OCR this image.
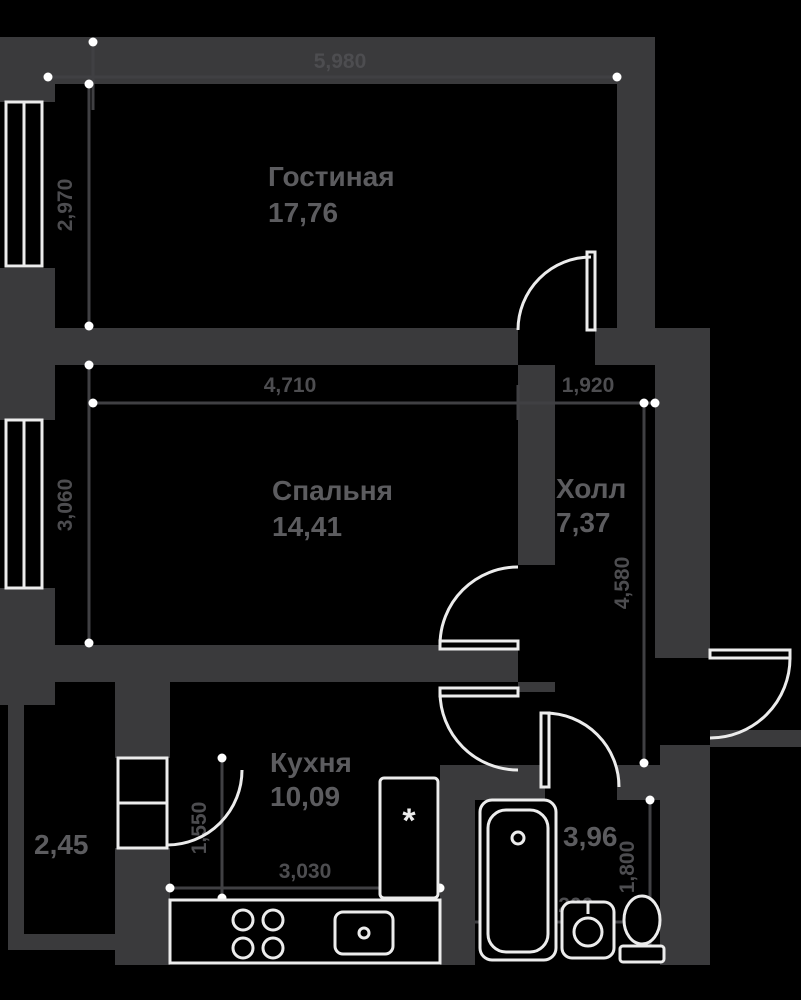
5,980
2,970
4,710	1,920
3,060
4,580
1,550
3,030	1,800
*
Гостиная
17,76
Спальня
14,41
Холл
7,37
Кухня
10,09
2,45	3,96
